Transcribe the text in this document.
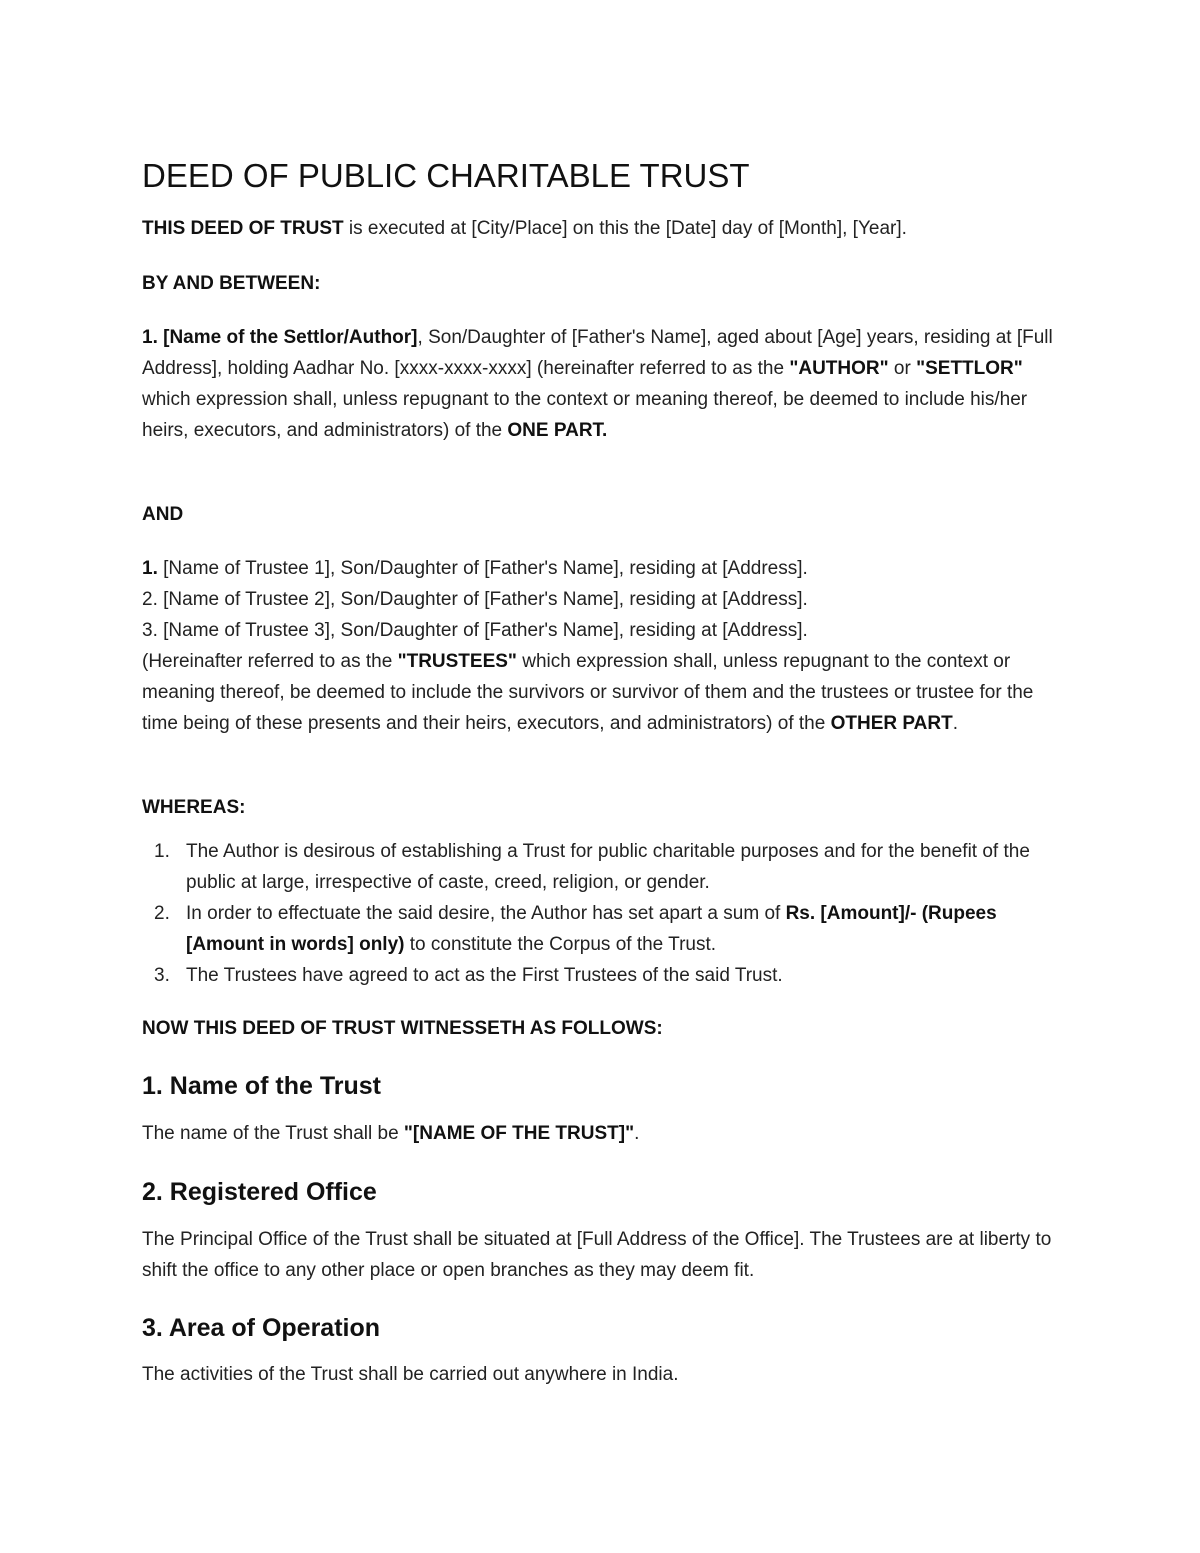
DEED OF PUBLIC CHARITABLE TRUST

THIS DEED OF TRUST is executed at [City/Place] on this the [Date] day of [Month], [Year].

BY AND BETWEEN:

1. [Name of the Settlor/Author], Son/Daughter of [Father's Name], aged about [Age] years, residing at [Full Address], holding Aadhar No. [xxxx-xxxx-xxxx] (hereinafter referred to as the "AUTHOR" or "SETTLOR" which expression shall, unless repugnant to the context or meaning thereof, be deemed to include his/her heirs, executors, and administrators) of the ONE PART.

AND

1. [Name of Trustee 1], Son/Daughter of [Father's Name], residing at [Address].

2. [Name of Trustee 2], Son/Daughter of [Father's Name], residing at [Address].

3. [Name of Trustee 3], Son/Daughter of [Father's Name], residing at [Address].

(Hereinafter referred to as the "TRUSTEES" which expression shall, unless repugnant to the context or meaning thereof, be deemed to include the survivors or survivor of them and the trustees or trustee for the time being of these presents and their heirs, executors, and administrators) of the OTHER PART.

WHEREAS:

1. The Author is desirous of establishing a Trust for public charitable purposes and for the benefit of the public at large, irrespective of caste, creed, religion, or gender.
2. In order to effectuate the said desire, the Author has set apart a sum of Rs. [Amount]/- (Rupees [Amount in words] only) to constitute the Corpus of the Trust.
3. The Trustees have agreed to act as the First Trustees of the said Trust.

NOW THIS DEED OF TRUST WITNESSETH AS FOLLOWS:

1. Name of the Trust

The name of the Trust shall be "[NAME OF THE TRUST]".

2. Registered Office

The Principal Office of the Trust shall be situated at [Full Address of the Office]. The Trustees are at liberty to shift the office to any other place or open branches as they may deem fit.

3. Area of Operation

The activities of the Trust shall be carried out anywhere in India.
